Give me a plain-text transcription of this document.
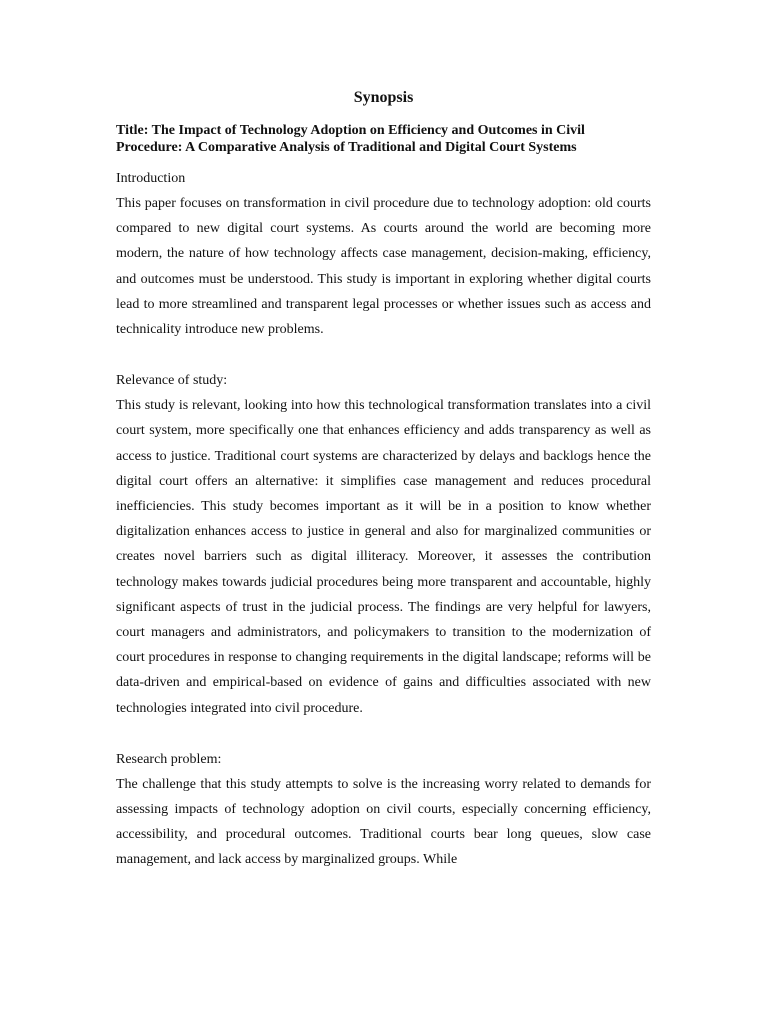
Synopsis

Title: The Impact of Technology Adoption on Efficiency and Outcomes in Civil Procedure: A Comparative Analysis of Traditional and Digital Court Systems

Introduction

This paper focuses on transformation in civil procedure due to technology adoption: old courts compared to new digital court systems. As courts around the world are becoming more modern, the nature of how technology affects case management, decision-making, efficiency, and outcomes must be understood. This study is important in exploring whether digital courts lead to more streamlined and transparent legal processes or whether issues such as access and technicality introduce new problems.

Relevance of study:

This study is relevant, looking into how this technological transformation translates into a civil court system, more specifically one that enhances efficiency and adds transparency as well as access to justice. Traditional court systems are characterized by delays and backlogs hence the digital court offers an alternative: it simplifies case management and reduces procedural inefficiencies. This study becomes important as it will be in a position to know whether digitalization enhances access to justice in general and also for marginalized communities or creates novel barriers such as digital illiteracy. Moreover, it assesses the contribution technology makes towards judicial procedures being more transparent and accountable, highly significant aspects of trust in the judicial process. The findings are very helpful for lawyers, court managers and administrators, and policymakers to transition to the modernization of court procedures in response to changing requirements in the digital landscape; reforms will be data-driven and empirical-based on evidence of gains and difficulties associated with new technologies integrated into civil procedure.

Research problem:

The challenge that this study attempts to solve is the increasing worry related to demands for assessing impacts of technology adoption on civil courts, especially concerning efficiency, accessibility, and procedural outcomes. Traditional courts bear long queues, slow case management, and lack access by marginalized groups. While
